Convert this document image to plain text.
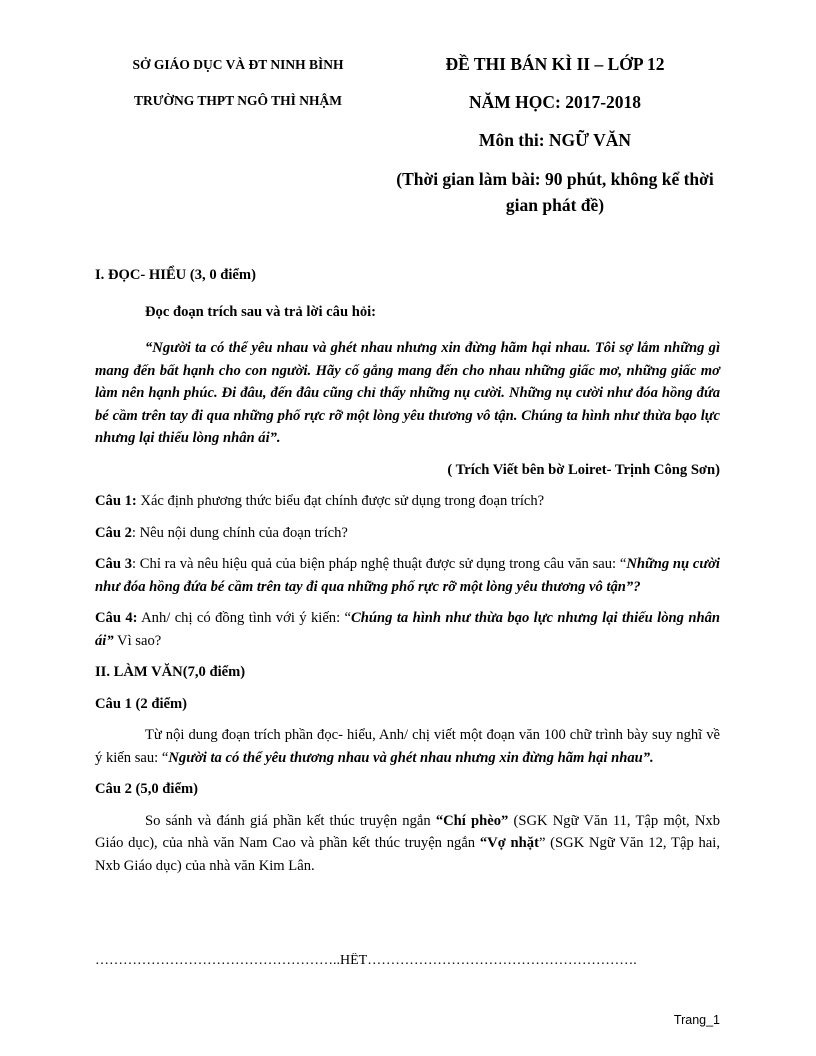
SỞ GIÁO DỤC VÀ ĐT NINH BÌNH
TRƯỜNG THPT NGÔ THÌ NHẬM
ĐỀ THI BÁN KÌ II – LỚP 12
NĂM HỌC: 2017-2018
Môn thi: NGỮ VĂN
(Thời gian làm bài: 90 phút, không kể thời gian phát đề)

I. ĐỌC- HIỂU (3, 0 điểm)

Đọc đoạn trích sau và trả lời câu hỏi:

“Người ta có thể yêu nhau và ghét nhau nhưng xin đừng hãm hại nhau. Tôi sợ lắm những gì mang đến bất hạnh cho con người. Hãy cố gắng mang đến cho nhau những giấc mơ, những giấc mơ làm nên hạnh phúc. Đi đâu, đến đâu cũng chỉ thấy những nụ cười. Những nụ cười như đóa hồng đứa bé cầm trên tay đi qua những phố rực rỡ một lòng yêu thương vô tận. Chúng ta hình như thừa bạo lực nhưng lại thiếu lòng nhân ái”.

( Trích Viết bên bờ Loiret- Trịnh Công Sơn)

Câu 1: Xác định phương thức biểu đạt chính được sử dụng trong đoạn trích?

Câu 2: Nêu nội dung chính của đoạn trích?

Câu 3: Chỉ ra và nêu hiệu quả của biện pháp nghệ thuật được sử dụng trong câu văn sau: “Những nụ cười như đóa hồng đứa bé cầm trên tay đi qua những phố rực rỡ một lòng yêu thương vô tận”?

Câu 4: Anh/ chị có đồng tình với ý kiến: “Chúng ta hình như thừa bạo lực nhưng lại thiếu lòng nhân ái” Vì sao?

II. LÀM VĂN(7,0 điểm)

Câu 1 (2 điểm)

Từ nội dung đoạn trích phần đọc- hiểu, Anh/ chị viết một đoạn văn 100 chữ trình bày suy nghĩ về ý kiến sau: “Người ta có thể yêu thương nhau và ghét nhau nhưng xin đừng hãm hại nhau”.

Câu 2 (5,0 điểm)

So sánh và đánh giá phần kết thúc truyện ngắn “Chí phèo” (SGK Ngữ Văn 11, Tập một, Nxb Giáo dục), của nhà văn Nam Cao và phần kết thúc truyện ngắn “Vợ nhặt” (SGK Ngữ Văn 12, Tập hai, Nxb Giáo dục) của nhà văn Kim Lân.

……………………………………………..HẾT………………………………………………….
Trang_1
